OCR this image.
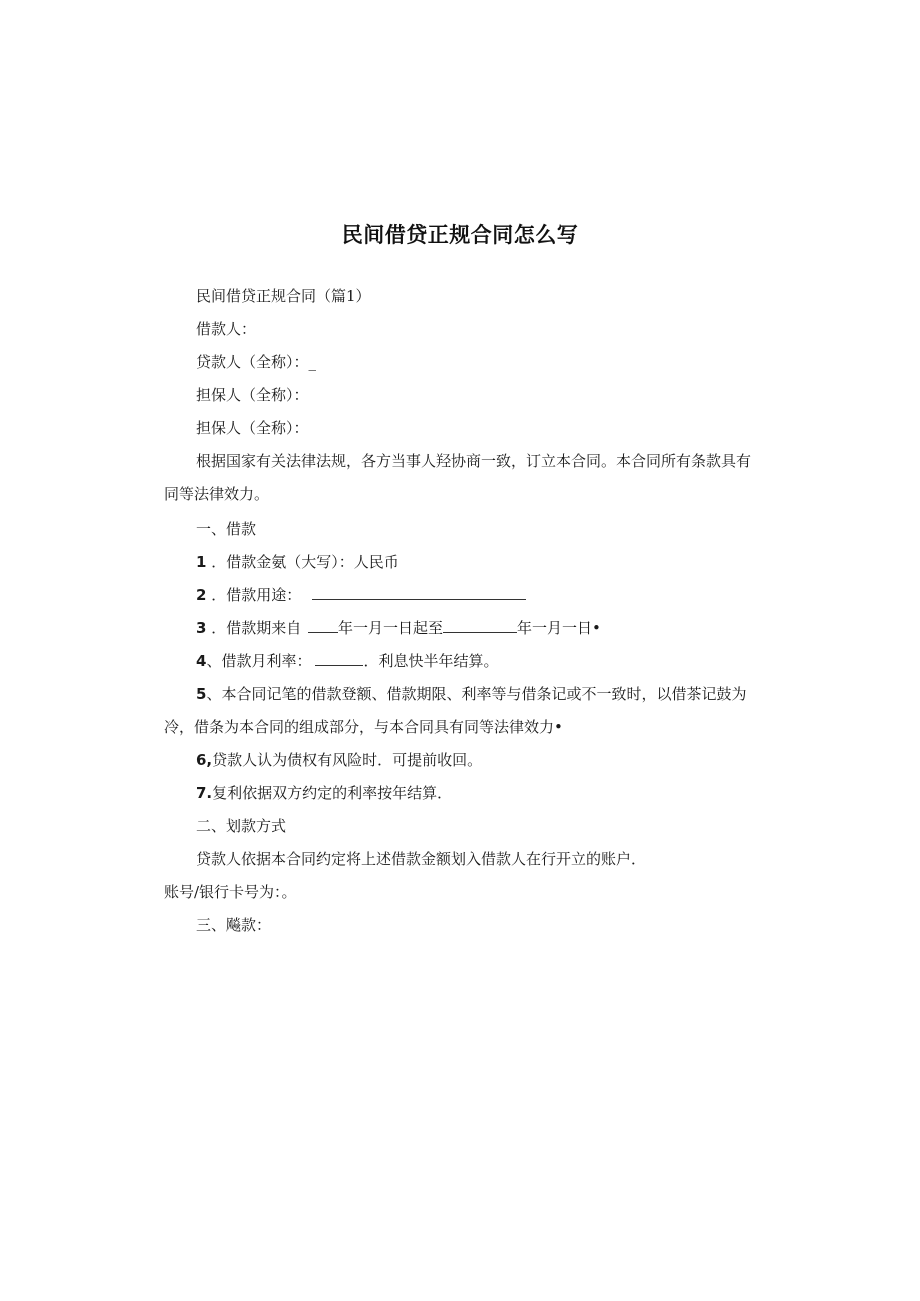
民间借贷正规合同怎么写
民间借贷正规合同（篇1）
借款人：
贷款人（全称）：_
担保人（全称）：
担保人（全称）：
根据国家有关法律法规，各方当事人羟协商一致，订立本合同。本合同所有条款具有
同等法律效力。
一、借款
1 ．借款金氨（大写）：人民币
2 ．借款用途：
3 ．借款期来自 年一月一日起至	年一月一日•
4、借款月利率：	．利息快半年结算。
5、本合同记笔的借款登额、借款期限、利率等与借条记或不一致时，以借茶记鼓为
冷，借条为本合同的组成部分，与本合同具有同等法律效力•
6,贷款人认为债权有风险时．可提前收回。
7.复利依据双方约定的利率按年结算．
二、划款方式
贷款人依据本合同约定将上述借款金额划入借款人在行开立的账户．
账号/银行卡号为：。
三、飚款：
